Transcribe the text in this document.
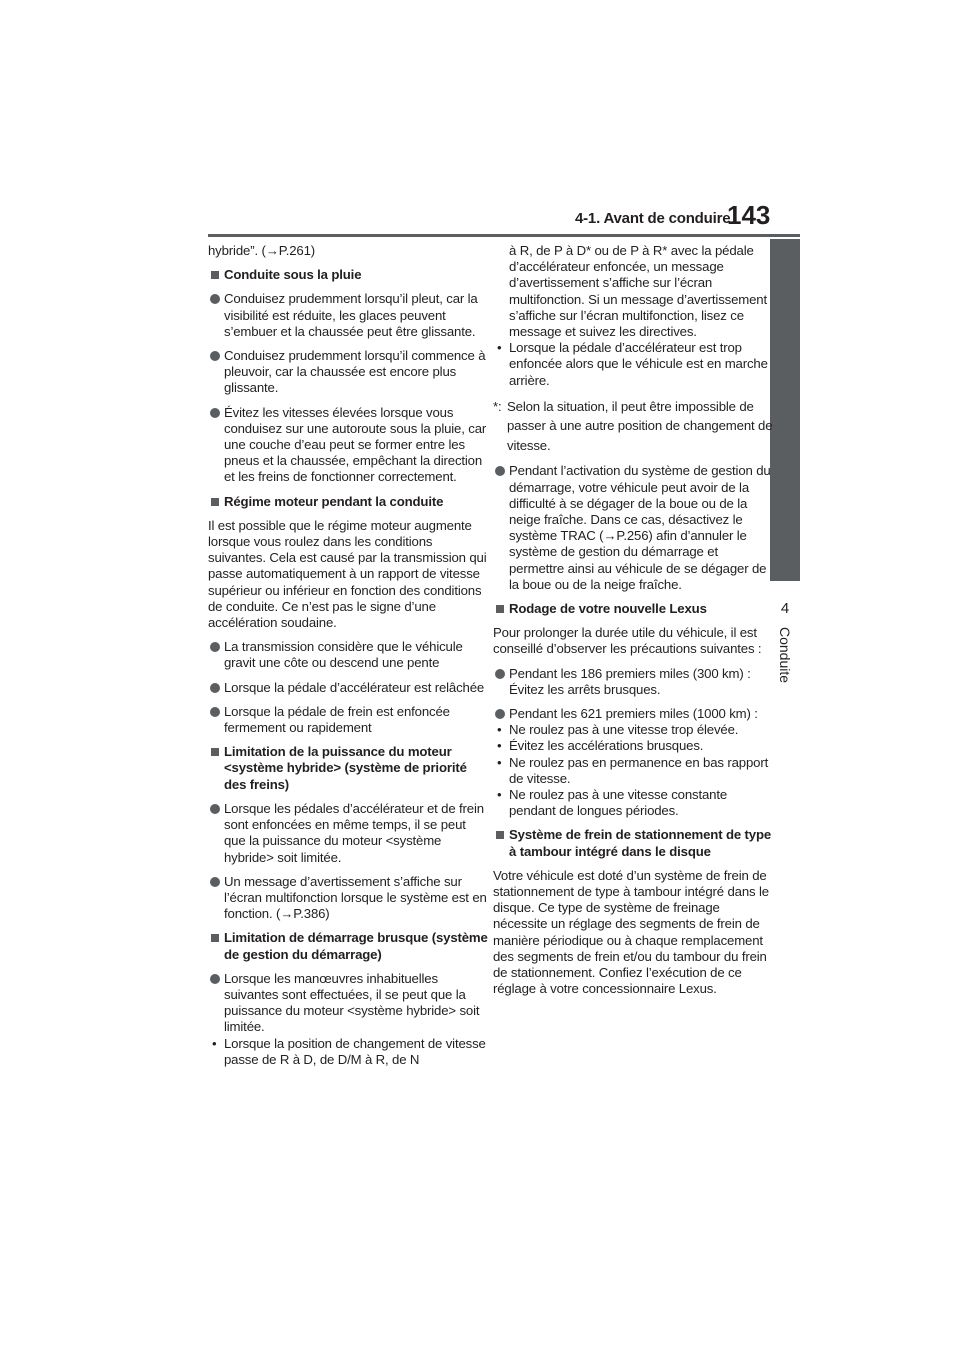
4-1. Avant de conduire
143
4
Conduite

hybride”. (→P.261)

Conduite sous la pluie

Conduisez prudemment lorsqu’il pleut, car la visibilité est réduite, les glaces peuvent s’embuer et la chaussée peut être glissante.

Conduisez prudemment lorsqu’il commence à pleuvoir, car la chaussée est encore plus glissante.

Évitez les vitesses élevées lorsque vous conduisez sur une autoroute sous la pluie, car une couche d’eau peut se former entre les pneus et la chaussée, empêchant la direction et les freins de fonctionner correctement.

Régime moteur pendant la conduite

Il est possible que le régime moteur augmente lorsque vous roulez dans les conditions suivantes. Cela est causé par la transmission qui passe automatiquement à un rapport de vitesse supérieur ou inférieur en fonction des conditions de conduite. Ce n’est pas le signe d’une accélération soudaine.

La transmission considère que le véhicule gravit une côte ou descend une pente

Lorsque la pédale d’accélérateur est relâchée

Lorsque la pédale de frein est enfoncée fermement ou rapidement

Limitation de la puissance du moteur <système hybride> (système de priorité des freins)

Lorsque les pédales d’accélérateur et de frein sont enfoncées en même temps, il se peut que la puissance du moteur <système hybride> soit limitée.

Un message d’avertissement s’affiche sur l’écran multifonction lorsque le système est en fonction. (→P.386)

Limitation de démarrage brusque (système de gestion du démarrage)

Lorsque les manœuvres inhabituelles suivantes sont effectuées, il se peut que la puissance du moteur <système hybride> soit limitée.

• Lorsque la position de changement de vitesse passe de R à D, de D/M à R, de N

à R, de P à D* ou de P à R* avec la pédale d’accélérateur enfoncée, un message d’avertissement s’affiche sur l’écran multifonction. Si un message d’avertissement s’affiche sur l’écran multifonction, lisez ce message et suivez les directives.

• Lorsque la pédale d’accélérateur est trop enfoncée alors que le véhicule est en marche arrière.

*: Selon la situation, il peut être impossible de passer à une autre position de changement de vitesse.

Pendant l’activation du système de gestion du démarrage, votre véhicule peut avoir de la difficulté à se dégager de la boue ou de la neige fraîche. Dans ce cas, désactivez le système TRAC (→P.256) afin d’annuler le système de gestion du démarrage et permettre ainsi au véhicule de se dégager de la boue ou de la neige fraîche.

Rodage de votre nouvelle Lexus

Pour prolonger la durée utile du véhicule, il est conseillé d’observer les précautions suivantes :

Pendant les 186 premiers miles (300 km) :

Évitez les arrêts brusques.

Pendant les 621 premiers miles (1000 km) :

• Ne roulez pas à une vitesse trop élevée.

• Évitez les accélérations brusques.

• Ne roulez pas en permanence en bas rapport de vitesse.

• Ne roulez pas à une vitesse constante pendant de longues périodes.

Système de frein de stationnement de type à tambour intégré dans le disque

Votre véhicule est doté d’un système de frein de stationnement de type à tambour intégré dans le disque. Ce type de système de freinage nécessite un réglage des segments de frein de manière périodique ou à chaque remplacement des segments de frein et/ou du tambour du frein de stationnement. Confiez l’exécution de ce réglage à votre concessionnaire Lexus.
